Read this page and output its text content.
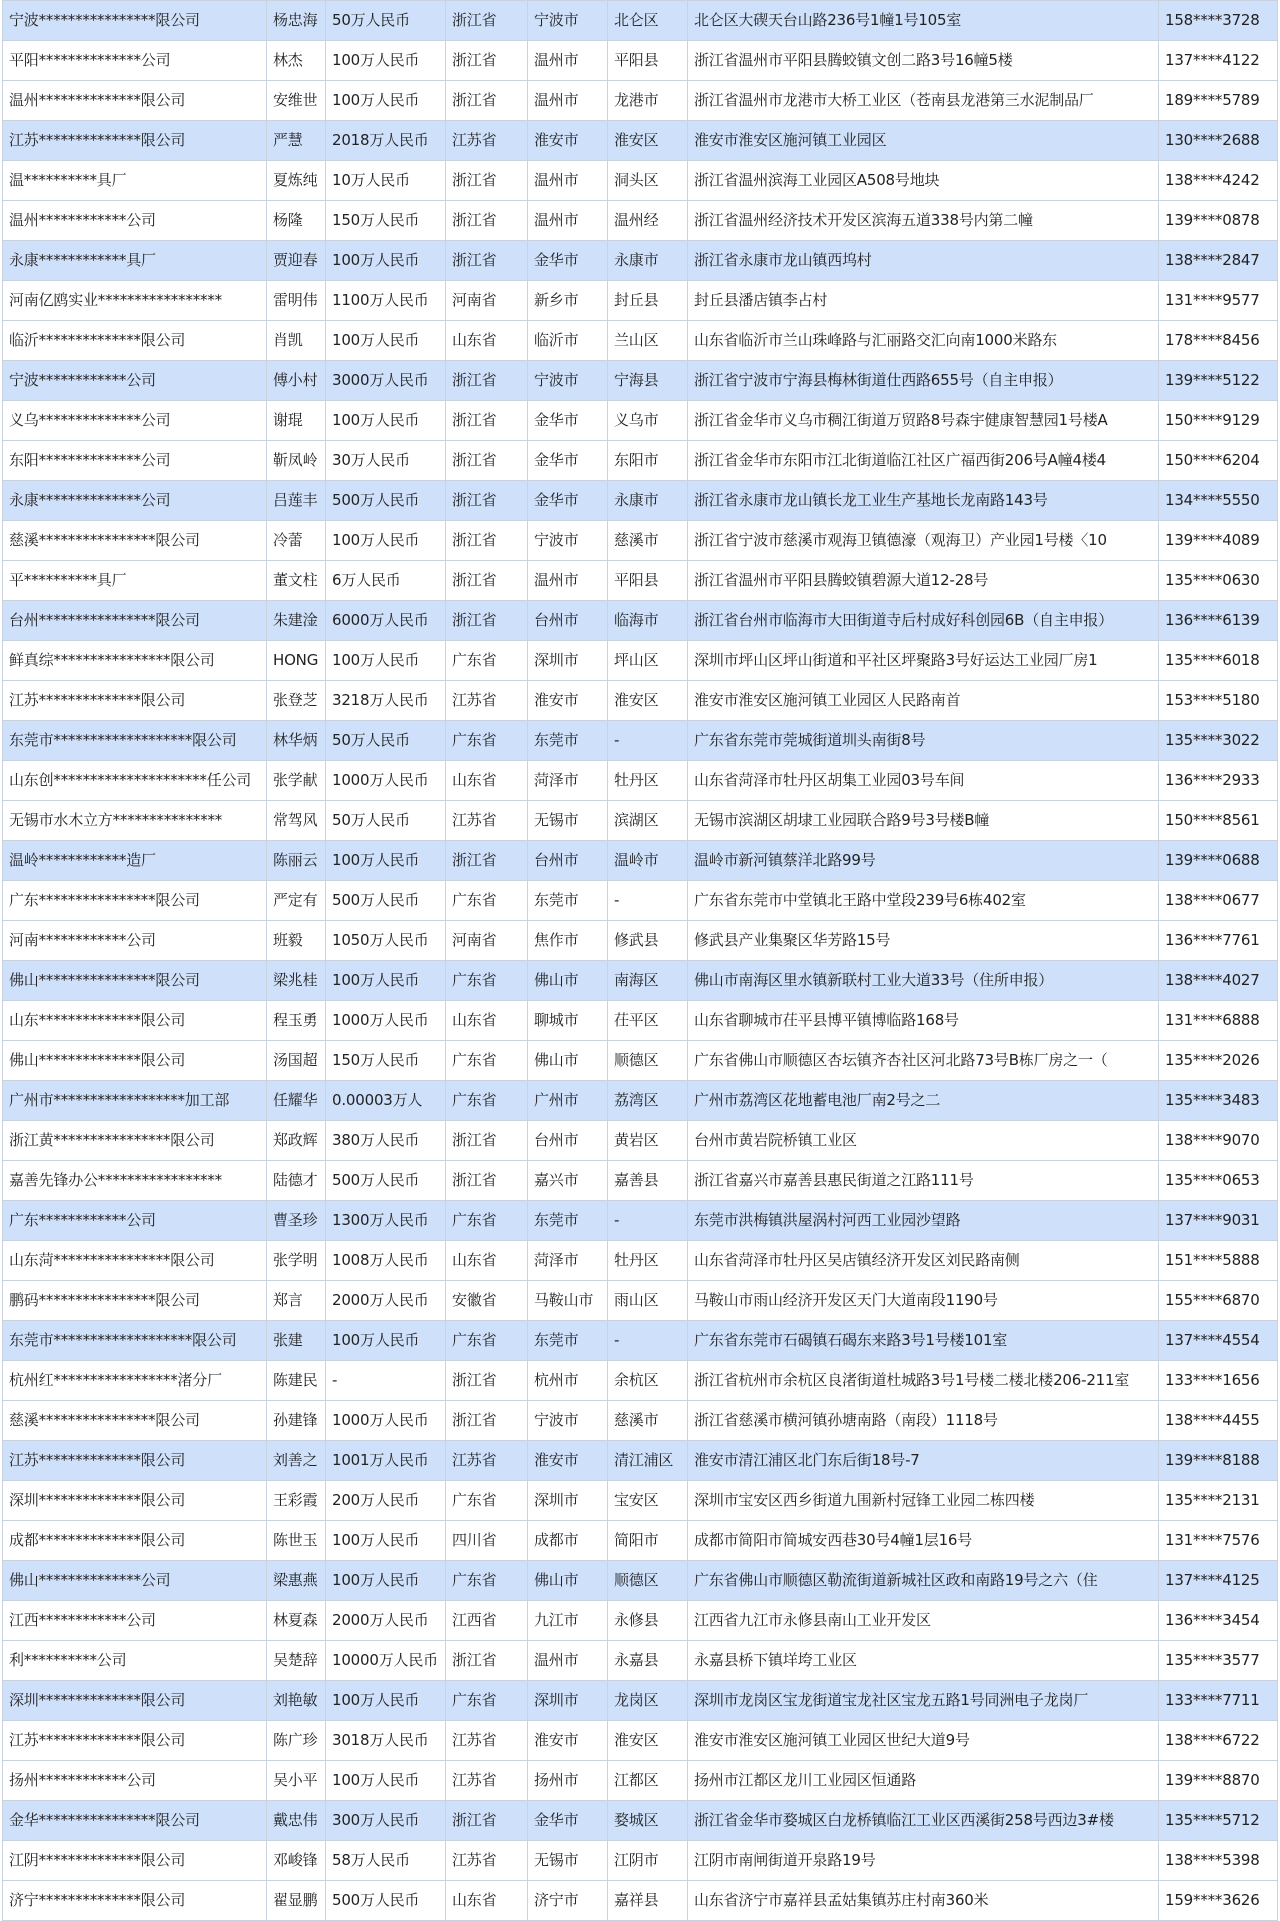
宁波****************限公司	杨忠海	50万人民币	浙江省	宁波市	北仑区	北仑区大碶天台山路236号1幢1号105室	158****3728
平阳**************公司	林杰	100万人民币	浙江省	温州市	平阳县	浙江省温州市平阳县腾蛟镇文创二路3号16幢5楼	137****4122
温州**************限公司	安维世	100万人民币	浙江省	温州市	龙港市	浙江省温州市龙港市大桥工业区（苍南县龙港第三水泥制品厂	189****5789
江苏**************限公司	严慧	2018万人民币	江苏省	淮安市	淮安区	淮安市淮安区施河镇工业园区	130****2688
温**********具厂	夏炼纯	10万人民币	浙江省	温州市	洞头区	浙江省温州滨海工业园区A508号地块	138****4242
温州************公司	杨隆	150万人民币	浙江省	温州市	温州经	浙江省温州经济技术开发区滨海五道338号内第二幢	139****0878
永康************具厂	贾迎春	100万人民币	浙江省	金华市	永康市	浙江省永康市龙山镇西坞村	138****2847
河南亿鸥实业*****************	雷明伟	1100万人民币	河南省	新乡市	封丘县	封丘县潘店镇李占村	131****9577
临沂**************限公司	肖凯	100万人民币	山东省	临沂市	兰山区	山东省临沂市兰山珠峰路与汇丽路交汇向南1000米路东	178****8456
宁波************公司	傅小村	3000万人民币	浙江省	宁波市	宁海县	浙江省宁波市宁海县梅林街道仕西路655号（自主申报）	139****5122
义乌**************公司	谢琨	100万人民币	浙江省	金华市	义乌市	浙江省金华市义乌市稠江街道万贸路8号森宇健康智慧园1号楼A	150****9129
东阳**************公司	靳凤岭	30万人民币	浙江省	金华市	东阳市	浙江省金华市东阳市江北街道临江社区广福西街206号A幢4楼4	150****6204
永康**************公司	吕莲丰	500万人民币	浙江省	金华市	永康市	浙江省永康市龙山镇长龙工业生产基地长龙南路143号	134****5550
慈溪****************限公司	冷蕾	100万人民币	浙江省	宁波市	慈溪市	浙江省宁波市慈溪市观海卫镇德濠（观海卫）产业园1号楼〈10	139****4089
平**********具厂	董文柱	6万人民币	浙江省	温州市	平阳县	浙江省温州市平阳县腾蛟镇碧源大道12-28号	135****0630
台州****************限公司	朱建淦	6000万人民币	浙江省	台州市	临海市	浙江省台州市临海市大田街道寺后村成好科创园6B（自主申报）	136****6139
鲜真综****************限公司	HONG	100万人民币	广东省	深圳市	坪山区	深圳市坪山区坪山街道和平社区坪聚路3号好运达工业园厂房1	135****6018
江苏**************限公司	张登芝	3218万人民币	江苏省	淮安市	淮安区	淮安市淮安区施河镇工业园区人民路南首	153****5180
东莞市*******************限公司	林华炳	50万人民币	广东省	东莞市	-	广东省东莞市莞城街道圳头南街8号	135****3022
山东创*********************任公司	张学献	1000万人民币	山东省	菏泽市	牡丹区	山东省菏泽市牡丹区胡集工业园03号车间	136****2933
无锡市水木立方***************	常驾风	50万人民币	江苏省	无锡市	滨湖区	无锡市滨湖区胡埭工业园联合路9号3号楼B幢	150****8561
温岭************造厂	陈丽云	100万人民币	浙江省	台州市	温岭市	温岭市新河镇蔡洋北路99号	139****0688
广东****************限公司	严定有	500万人民币	广东省	东莞市	-	广东省东莞市中堂镇北王路中堂段239号6栋402室	138****0677
河南************公司	班毅	1050万人民币	河南省	焦作市	修武县	修武县产业集聚区华芳路15号	136****7761
佛山****************限公司	梁兆桂	100万人民币	广东省	佛山市	南海区	佛山市南海区里水镇新联村工业大道33号（住所申报）	138****4027
山东**************限公司	程玉勇	1000万人民币	山东省	聊城市	茌平区	山东省聊城市茌平县博平镇博临路168号	131****6888
佛山**************限公司	汤国超	150万人民币	广东省	佛山市	顺德区	广东省佛山市顺德区杏坛镇齐杏社区河北路73号B栋厂房之一（	135****2026
广州市******************加工部	任耀华	0.00003万人	广东省	广州市	荔湾区	广州市荔湾区花地蓄电池厂南2号之二	135****3483
浙江黄****************限公司	郑政辉	380万人民币	浙江省	台州市	黄岩区	台州市黄岩院桥镇工业区	138****9070
嘉善先锋办公*****************	陆德才	500万人民币	浙江省	嘉兴市	嘉善县	浙江省嘉兴市嘉善县惠民街道之江路111号	135****0653
广东************公司	曹圣珍	1300万人民币	广东省	东莞市	-	东莞市洪梅镇洪屋涡村河西工业园沙望路	137****9031
山东菏****************限公司	张学明	1008万人民币	山东省	菏泽市	牡丹区	山东省菏泽市牡丹区吴店镇经济开发区刘民路南侧	151****5888
鹏码****************限公司	郑言	2000万人民币	安徽省	马鞍山市	雨山区	马鞍山市雨山经济开发区天门大道南段1190号	155****6870
东莞市*******************限公司	张建	100万人民币	广东省	东莞市	-	广东省东莞市石碣镇石碣东来路3号1号楼101室	137****4554
杭州红*****************渚分厂	陈建民	-	浙江省	杭州市	余杭区	浙江省杭州市余杭区良渚街道杜城路3号1号楼二楼北楼206-211室	133****1656
慈溪****************限公司	孙建锋	1000万人民币	浙江省	宁波市	慈溪市	浙江省慈溪市横河镇孙塘南路（南段）1118号	138****4455
江苏**************限公司	刘善之	1001万人民币	江苏省	淮安市	清江浦区	淮安市清江浦区北门东后街18号-7	139****8188
深圳**************限公司	王彩霞	200万人民币	广东省	深圳市	宝安区	深圳市宝安区西乡街道九围新村冠锋工业园二栋四楼	135****2131
成都**************限公司	陈世玉	100万人民币	四川省	成都市	简阳市	成都市简阳市简城安西巷30号4幢1层16号	131****7576
佛山**************公司	梁惠燕	100万人民币	广东省	佛山市	顺德区	广东省佛山市顺德区勒流街道新城社区政和南路19号之六（住	137****4125
江西************公司	林夏森	2000万人民币	江西省	九江市	永修县	江西省九江市永修县南山工业开发区	136****3454
利**********公司	吴楚辞	10000万人民币	浙江省	温州市	永嘉县	永嘉县桥下镇垟垮工业区	135****3577
深圳**************限公司	刘艳敏	100万人民币	广东省	深圳市	龙岗区	深圳市龙岗区宝龙街道宝龙社区宝龙五路1号同洲电子龙岗厂	133****7711
江苏**************限公司	陈广珍	3018万人民币	江苏省	淮安市	淮安区	淮安市淮安区施河镇工业园区世纪大道9号	138****6722
扬州************公司	吴小平	100万人民币	江苏省	扬州市	江都区	扬州市江都区龙川工业园区恒通路	139****8870
金华****************限公司	戴忠伟	300万人民币	浙江省	金华市	婺城区	浙江省金华市婺城区白龙桥镇临江工业区西溪街258号西边3#楼	135****5712
江阴**************限公司	邓峻锋	58万人民币	江苏省	无锡市	江阴市	江阴市南闸街道开泉路19号	138****5398
济宁**************限公司	翟显鹏	500万人民币	山东省	济宁市	嘉祥县	山东省济宁市嘉祥县孟姑集镇苏庄村南360米	159****3626
